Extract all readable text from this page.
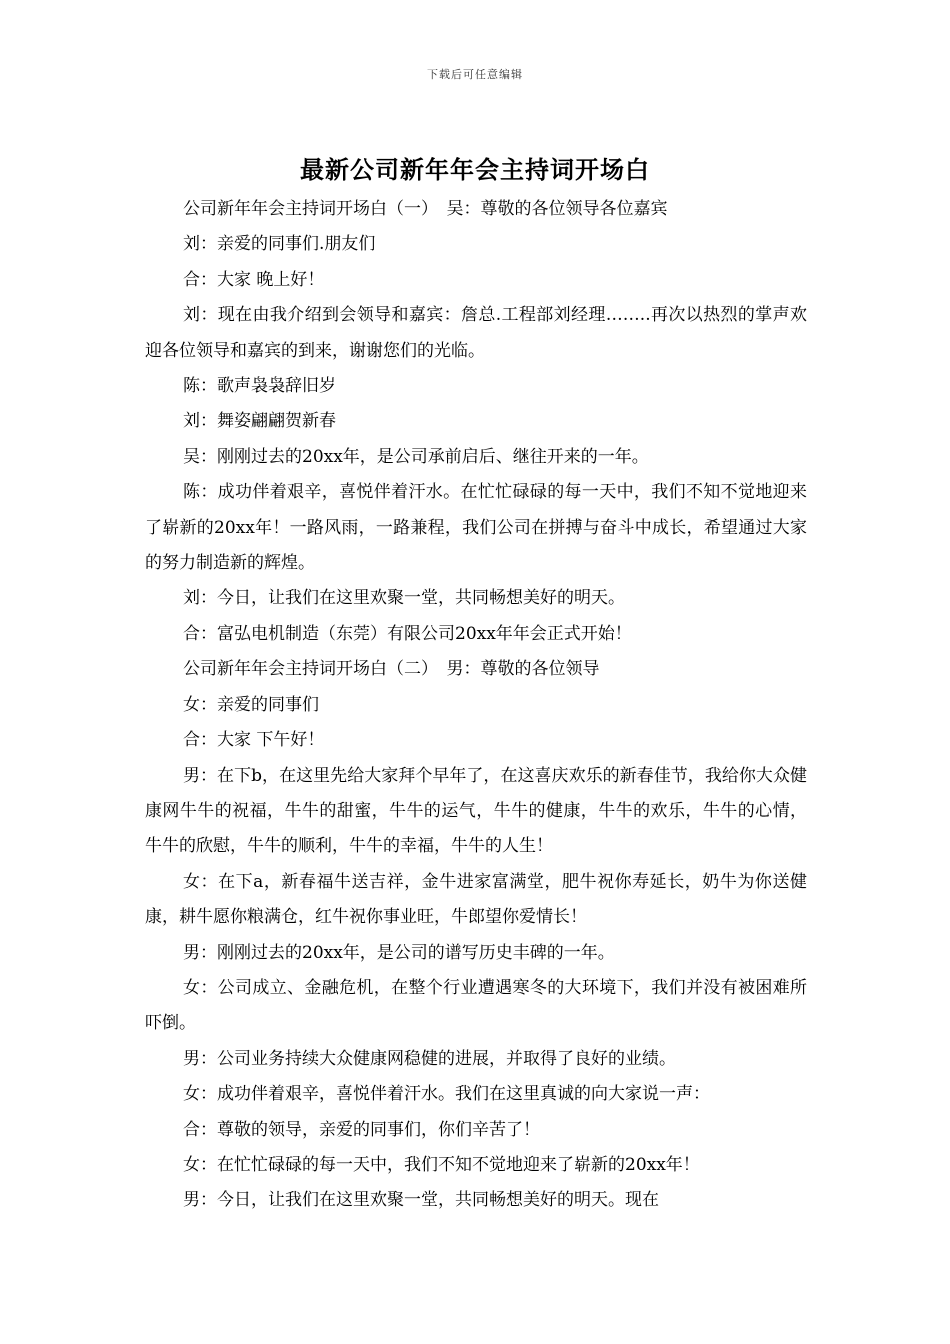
下载后可任意编辑
最新公司新年年会主持词开场白

公司新年年会主持词开场白（一）　吴：尊敬的各位领导各位嘉宾

刘：亲爱的同事们.朋友们

合：大家 晚上好！

刘：现在由我介绍到会领导和嘉宾：詹总.工程部刘经理……..再次以热烈的掌声欢迎各位领导和嘉宾的到来，谢谢您们的光临。

陈：歌声袅袅辞旧岁

刘：舞姿翩翩贺新春

吴：刚刚过去的20xx年，是公司承前启后、继往开来的一年。

陈：成功伴着艰辛，喜悦伴着汗水。在忙忙碌碌的每一天中，我们不知不觉地迎来了崭新的20xx年！一路风雨，一路兼程，我们公司在拼搏与奋斗中成长，希望通过大家的努力制造新的辉煌。

刘：今日，让我们在这里欢聚一堂，共同畅想美好的明天。

合：富弘电机制造（东莞）有限公司20xx年年会正式开始！

公司新年年会主持词开场白（二）　男：尊敬的各位领导

女：亲爱的同事们

合：大家 下午好！

男：在下b，在这里先给大家拜个早年了，在这喜庆欢乐的新春佳节，我给你大众健康网牛牛的祝福，牛牛的甜蜜，牛牛的运气，牛牛的健康，牛牛的欢乐，牛牛的心情，牛牛的欣慰，牛牛的顺利，牛牛的幸福，牛牛的人生！

女：在下a，新春福牛送吉祥，金牛进家富满堂，肥牛祝你寿延长，奶牛为你送健康，耕牛愿你粮满仓，红牛祝你事业旺，牛郎望你爱情长！

男：刚刚过去的20xx年，是公司的谱写历史丰碑的一年。

女：公司成立、金融危机，在整个行业遭遇寒冬的大环境下，我们并没有被困难所吓倒。

男：公司业务持续大众健康网稳健的进展，并取得了良好的业绩。

女：成功伴着艰辛，喜悦伴着汗水。我们在这里真诚的向大家说一声：

合：尊敬的领导，亲爱的同事们，你们辛苦了！

女：在忙忙碌碌的每一天中，我们不知不觉地迎来了崭新的20xx年！

男：今日，让我们在这里欢聚一堂，共同畅想美好的明天。现在
